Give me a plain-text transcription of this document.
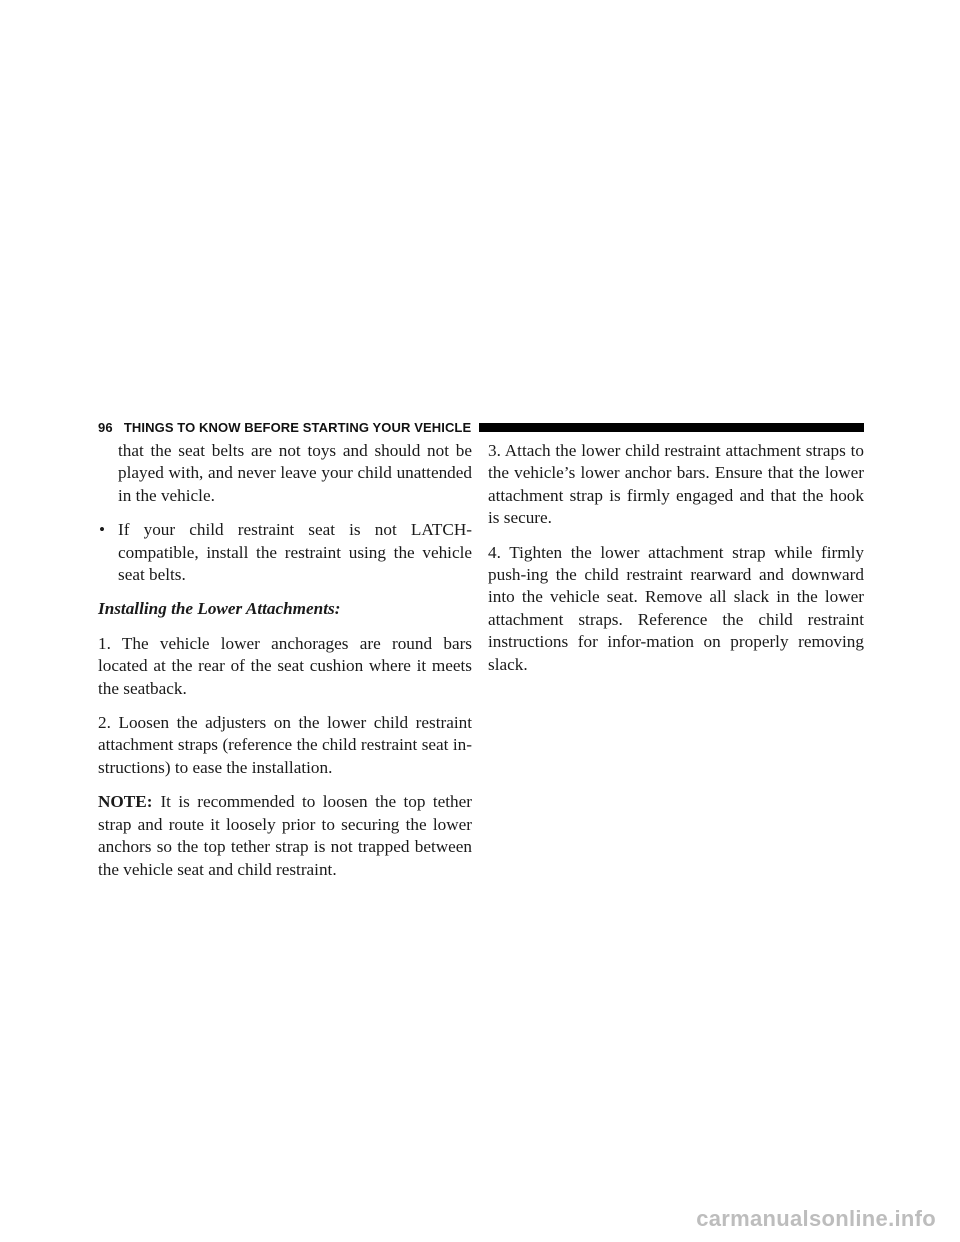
96 THINGS TO KNOW BEFORE STARTING YOUR VEHICLE

that the seat belts are not toys and should not be played with, and never leave your child unattended in the vehicle.

• If your child restraint seat is not LATCH-compatible, install the restraint using the vehicle seat belts.

Installing the Lower Attachments:

1. The vehicle lower anchorages are round bars located at the rear of the seat cushion where it meets the seatback.

2. Loosen the adjusters on the lower child restraint attachment straps (reference the child restraint seat in-structions) to ease the installation.

NOTE: It is recommended to loosen the top tether strap and route it loosely prior to securing the lower anchors so the top tether strap is not trapped between the vehicle seat and child restraint.

3. Attach the lower child restraint attachment straps to the vehicle’s lower anchor bars. Ensure that the lower attachment strap is firmly engaged and that the hook is secure.

4. Tighten the lower attachment strap while firmly push-ing the child restraint rearward and downward into the vehicle seat. Remove all slack in the lower attachment straps. Reference the child restraint instructions for infor-mation on properly removing slack.

carmanualsonline.info
